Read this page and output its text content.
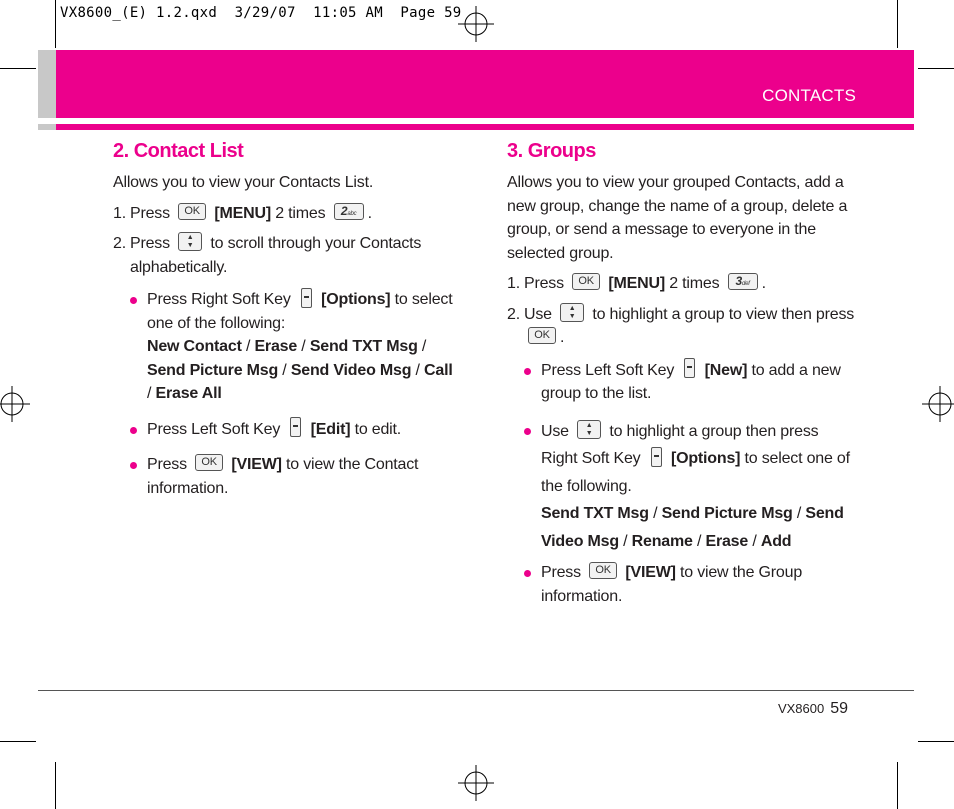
VX8600_(E) 1.2.qxd  3/29/07  11:05 AM  Page 59
CONTACTS
2. Contact List

Allows you to view your Contacts List.

1. Press OK [MENU] 2 times 2abc .

2. Press ▲
▼ to scroll through your Contacts alphabetically.

Press Right Soft Key [Options] to select one of the following:
New Contact / Erase / Send TXT Msg / Send Picture Msg / Send Video Msg / Call / Erase All
Press Left Soft Key [Edit] to edit.
Press OK [VIEW] to view the Contact information.
3. Groups

Allows you to view your grouped Contacts, add a new group, change the name of a group, delete a group, or send a message to everyone in the selected group.

1. Press OK [MENU] 2 times 3def .

2. Use ▲
▼ to highlight a group to view then press OK .

Press Left Soft Key [New] to add a new group to the list.
Use ▲
▼ to highlight a group then press Right Soft Key [Options] to select one of the following.
Send TXT Msg / Send Picture Msg / Send Video Msg / Rename / Erase / Add
Press OK [VIEW] to view the Group information.
VX8600 59
